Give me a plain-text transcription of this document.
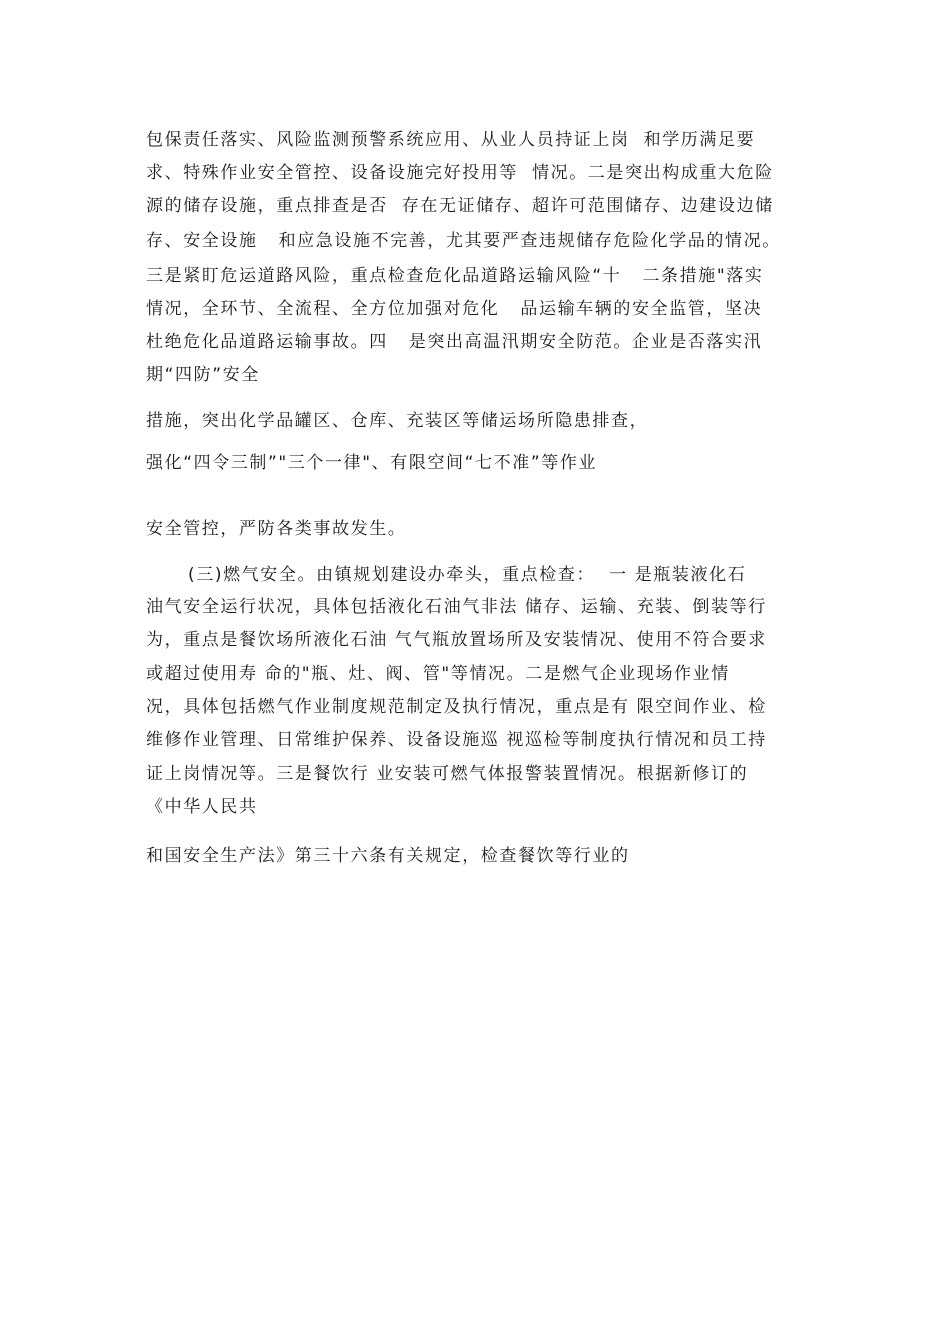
包保责任落实、风险监测预警系统应用、从业人员持证上岗  和学历满足要
求、特殊作业安全管控、设备设施完好投用等  情况。二是突出构成重大危险
源的储存设施，重点排查是否  存在无证储存、超许可范围储存、边建设边储
存、安全设施   和应急设施不完善，尤其要严查违规储存危险化学品的情况。
三是紧盯危运道路风险，重点检查危化品道路运输风险“十   二条措施"落实
情况，全环节、全流程、全方位加强对危化   品运输车辆的安全监管，坚决
杜绝危化品道路运输事故。四   是突出高温汛期安全防范。企业是否落实汛
期“四防”安全
措施，突出化学品罐区、仓库、充装区等储运场所隐患排查，
强化“四令三制”"三个一律"、有限空间“七不准”等作业
安全管控，严防各类事故发生。
(三)燃气安全。由镇规划建设办牵头，重点检查：  一 是瓶装液化石
油气安全运行状况，具体包括液化石油气非法 储存、运输、充装、倒装等行
为，重点是餐饮场所液化石油 气气瓶放置场所及安装情况、使用不符合要求
或超过使用寿 命的"瓶、灶、阀、管"等情况。二是燃气企业现场作业情
况，具体包括燃气作业制度规范制定及执行情况，重点是有 限空间作业、检
维修作业管理、日常维护保养、设备设施巡 视巡检等制度执行情况和员工持
证上岗情况等。三是餐饮行 业安装可燃气体报警装置情况。根据新修订的
《中华人民共
和国安全生产法》第三十六条有关规定，检查餐饮等行业的
